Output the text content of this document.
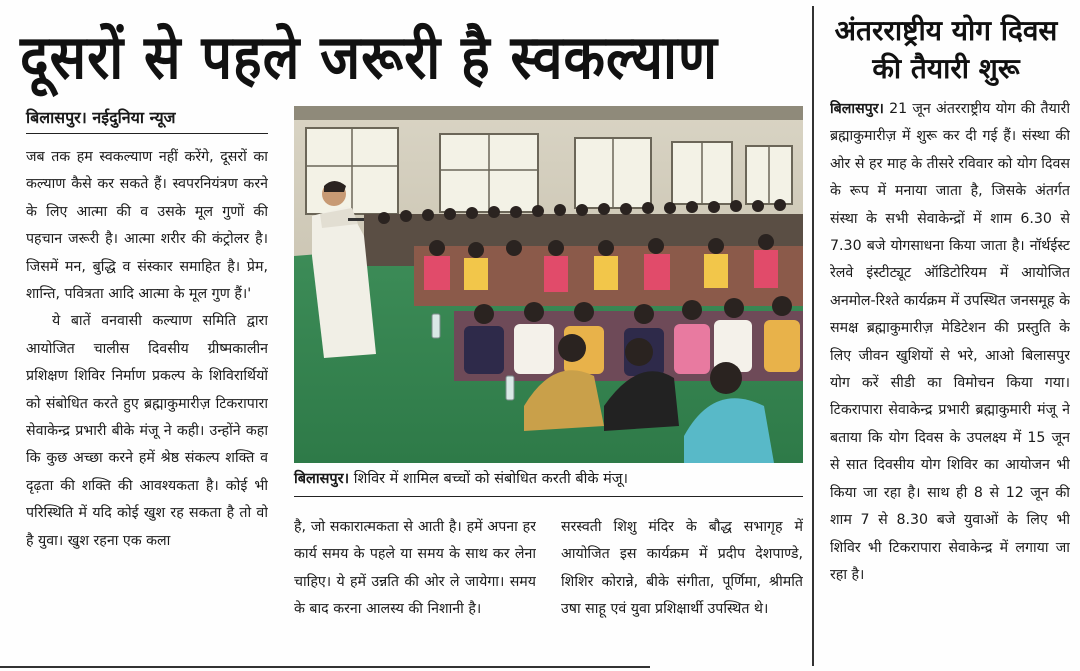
दूसरों से पहले जरूरी है स्वकल्याण	अंतरराष्ट्रीय योग दिवस
की तैयारी शुरू
बिलासपुर। नईदुनिया न्यूज

जब तक हम स्वकल्याण नहीं करेंगे, दूसरों का कल्याण कैसे कर सकते हैं। स्वपरनियंत्रण करने के लिए आत्मा की व उसके मूल गुणों की पहचान जरूरी है। आत्मा शरीर की कंट्रोलर है। जिसमें मन, बुद्धि व संस्कार समाहित है। प्रेम, शान्ति, पवित्रता आदि आत्मा के मूल गुण हैं।'

ये बातें वनवासी कल्याण समिति द्वारा आयोजित चालीस दिवसीय ग्रीष्मकालीन प्रशिक्षण शिविर निर्माण प्रकल्प के शिविरार्थियों को संबोधित करते हुए ब्रह्माकुमारीज़ टिकरापारा सेवाकेन्द्र प्रभारी बीके मंजू ने कही। उन्होंने कहा कि कुछ अच्छा करने हमें श्रेष्ठ संकल्प शक्ति व दृढ़ता की शक्ति की आवश्यकता है। कोई भी परिस्थिति में यदि कोई खुश रह सकता है तो वो है युवा। खुश रहना एक कला

बिलासपुर। शिविर में शामिल बच्चों को संबोधित करती बीके मंजू।

है, जो सकारात्मकता से आती है। हमें अपना हर कार्य समय के पहले या समय के साथ कर लेना चाहिए। ये हमें उन्नति की ओर ले जायेगा। समय के बाद करना आलस्य की निशानी है।

सरस्वती शिशु मंदिर के बौद्ध सभागृह में आयोजित इस कार्यक्रम में प्रदीप देशपाण्डे, शिशिर कोरान्ने, बीके संगीता, पूर्णिमा, श्रीमति उषा साहू एवं युवा प्रशिक्षार्थी उपस्थित थे।

बिलासपुर। 21 जून अंतरराष्ट्रीय योग की तैयारी ब्रह्माकुमारीज़ में शुरू कर दी गई हैं। संस्था की ओर से हर माह के तीसरे रविवार को योग दिवस के रूप में मनाया जाता है, जिसके अंतर्गत संस्था के सभी सेवाकेन्द्रों में शाम 6.30 से 7.30 बजे योगसाधना किया जाता है। नॉर्थईस्ट रेलवे इंस्टीट्यूट ऑडिटोरियम में आयोजित अनमोल-रिश्ते कार्यक्रम में उपस्थित जनसमूह के समक्ष ब्रह्माकुमारीज़ मेडिटेशन की प्रस्तुति के लिए जीवन खुशियों से भरे, आओ बिलासपुर योग करें सीडी का विमोचन किया गया। टिकरापारा सेवाकेन्द्र प्रभारी ब्रह्माकुमारी मंजू ने बताया कि योग दिवस के उपलक्ष्य में 15 जून से सात दिवसीय योग शिविर का आयोजन भी किया जा रहा है। साथ ही 8 से 12 जून की शाम 7 से 8.30 बजे युवाओं के लिए भी शिविर भी टिकरापारा सेवाकेन्द्र में लगाया जा रहा है।
